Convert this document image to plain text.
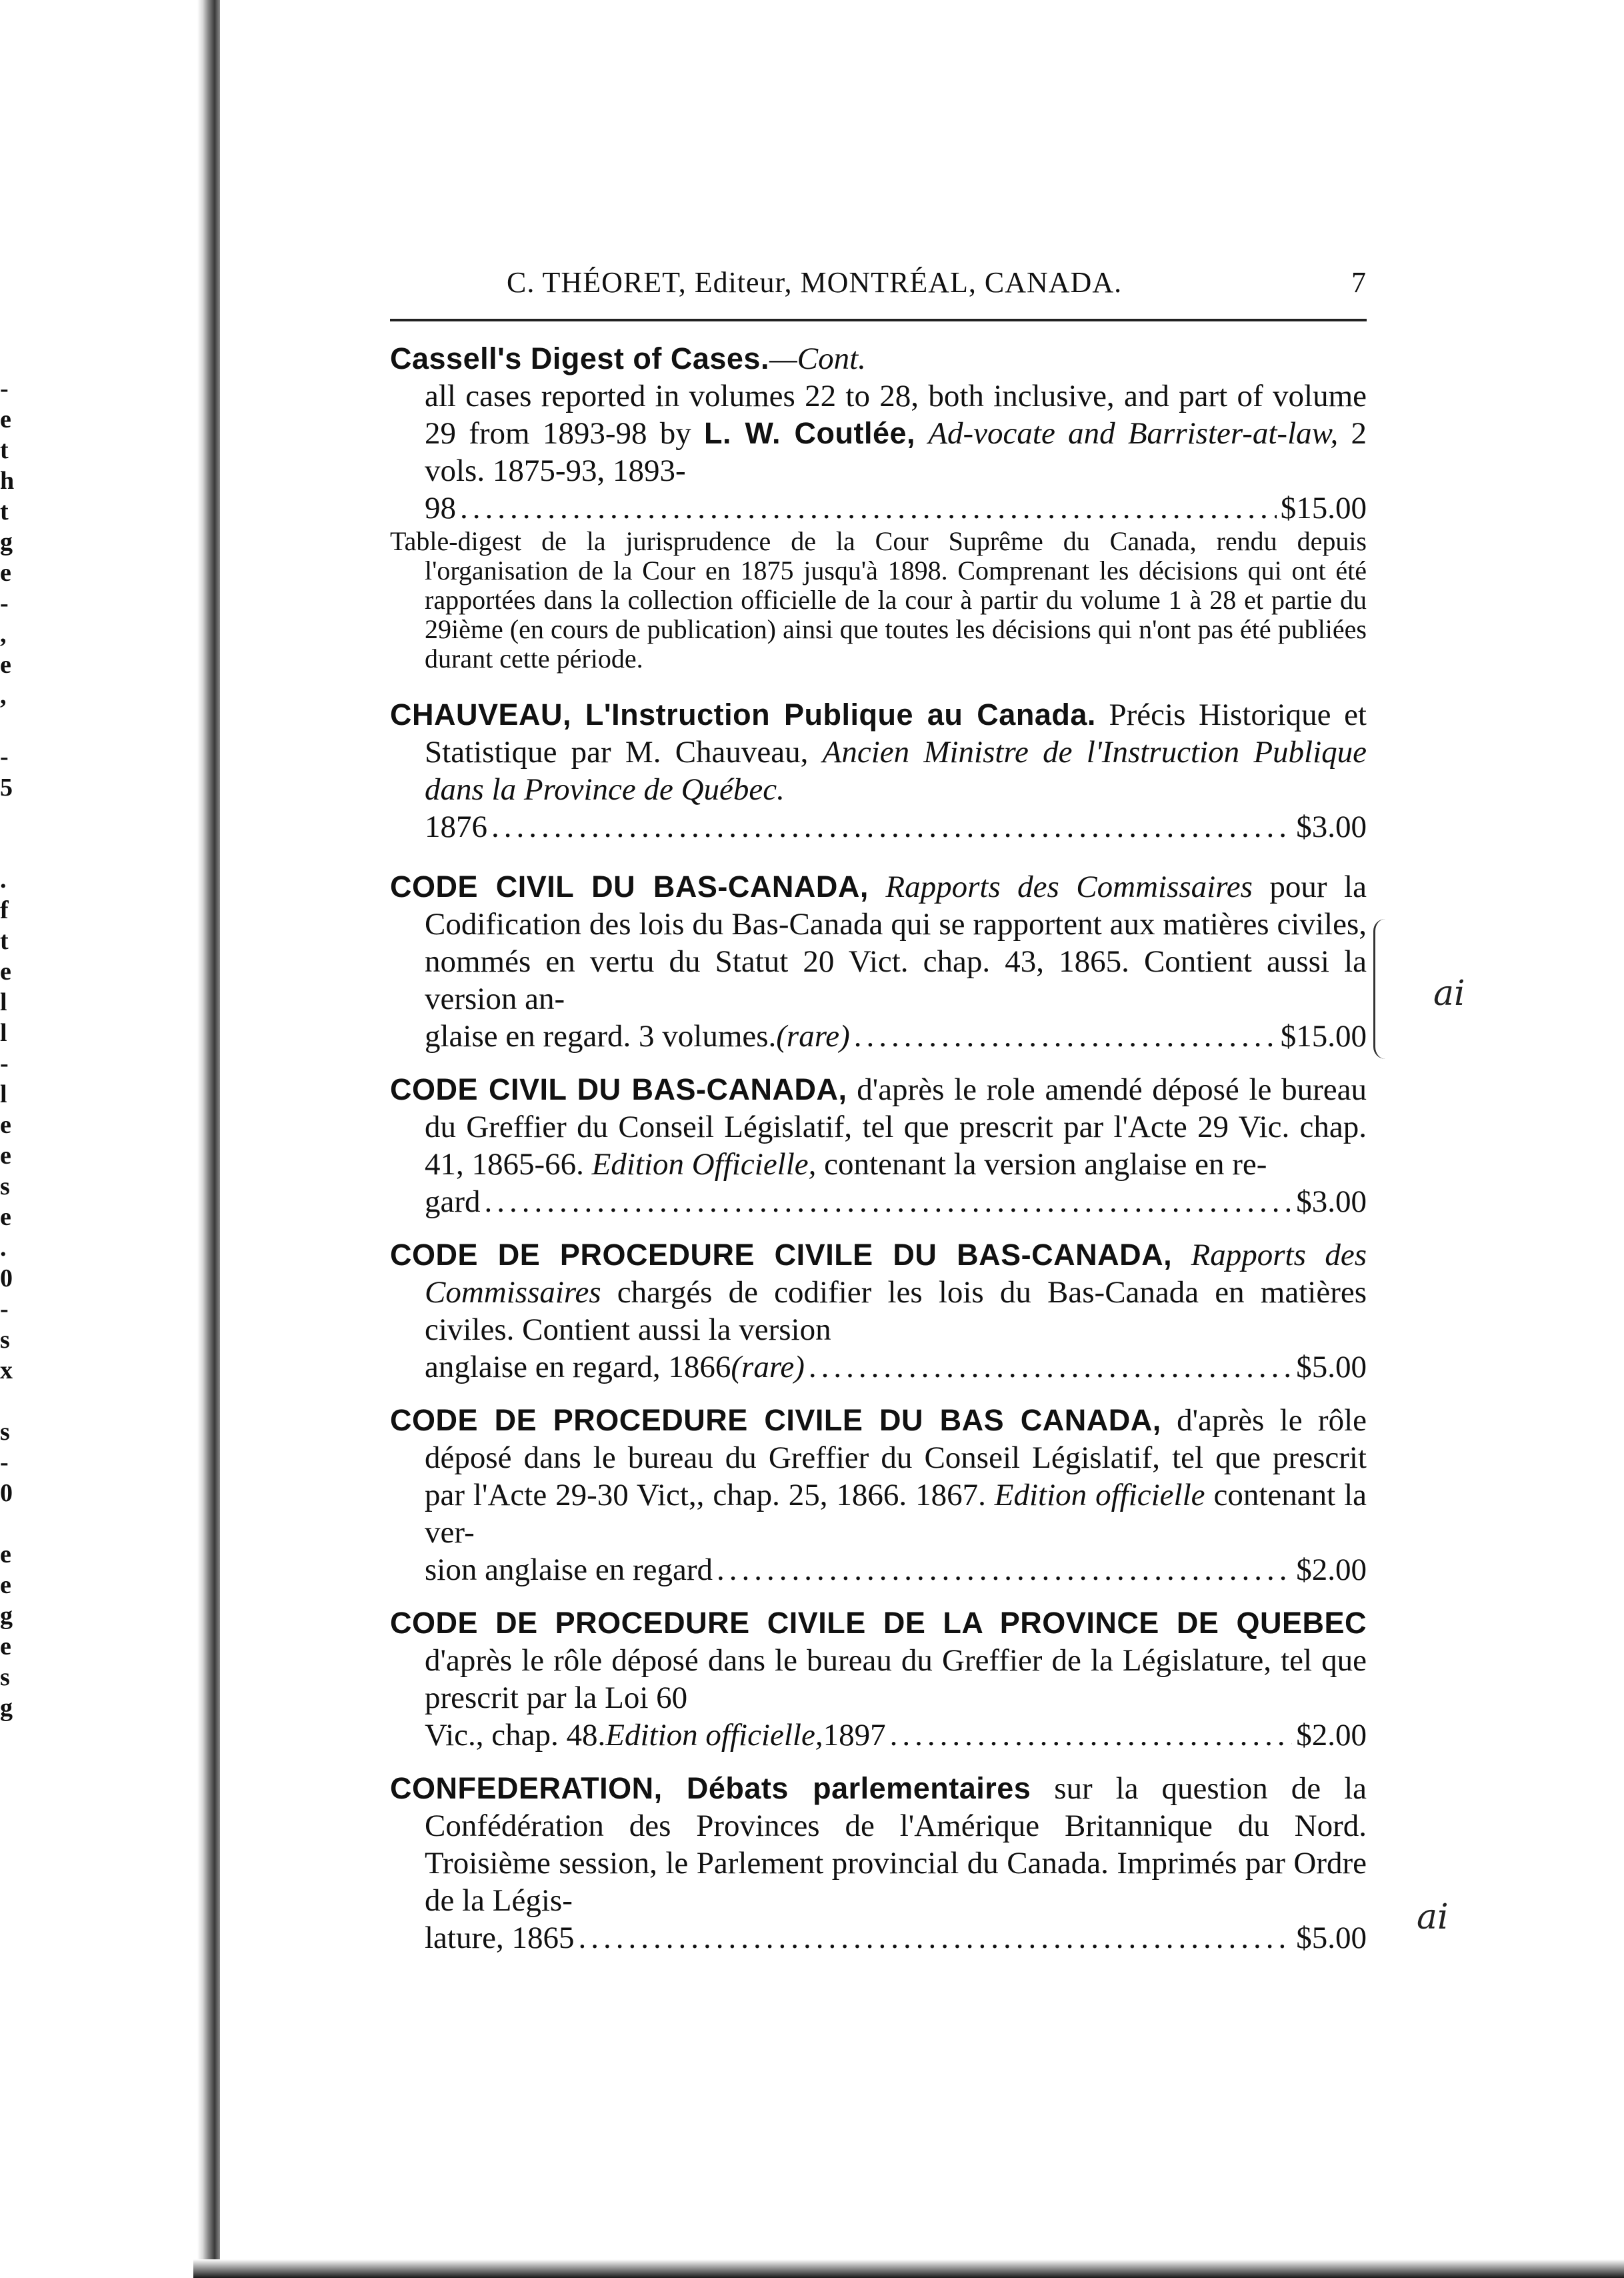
-
e
t
h
t
g
e
-
,
e
,
-
5
.
f
t
e
l
l
-
l
e
e
s
e
.
0
-
s
x
s
-
0
e
e
g
e
s
g
C. THÉORET, Editeur, MONTRÉAL, CANADA.	7

Cassell's Digest of Cases.—Cont.
all cases reported in volumes 22 to 28, both inclusive, and part of volume 29 from 1893-98 by L. W. Coutlée, Ad-vocate and Barrister-at-law, 2 vols. 1875-93, 1893-

98 .....	$15.00

Table-digest de la jurisprudence de la Cour Suprême du Canada, rendu depuis l'organisation de la Cour en 1875 jusqu'à 1898. Comprenant les décisions qui ont été rapportées dans la collection officielle de la cour à partir du volume 1 à 28 et partie du 29ième (en cours de publication) ainsi que toutes les décisions qui n'ont pas été publiées durant cette période.

CHAUVEAU, L'Instruction Publique au Canada. Précis Historique et Statistique par M. Chauveau, Ancien Ministre de l'Instruction Publique dans la Province de Québec.

1876 .....	$3.00

CODE CIVIL DU BAS-CANADA, Rapports des Commissaires pour la Codification des lois du Bas-Canada qui se rapportent aux matières civiles, nommés en vertu du Statut 20 Vict. chap. 43, 1865. Contient aussi la version an-

glaise en regard. 3 volumes. (rare) .....	$15.00

CODE CIVIL DU BAS-CANADA, d'après le role amendé déposé le bureau du Greffier du Conseil Législatif, tel que prescrit par l'Acte 29 Vic. chap. 41, 1865-66. Edition Officielle, contenant la version anglaise en re-

gard .....	$3.00

CODE DE PROCEDURE CIVILE DU BAS-CANADA, Rapports des Commissaires chargés de codifier les lois du Bas-Canada en matières civiles. Contient aussi la version

anglaise en regard, 1866 (rare) .....	$5.00

CODE DE PROCEDURE CIVILE DU BAS CANADA, d'après le rôle déposé dans le bureau du Greffier du Conseil Législatif, tel que prescrit par l'Acte 29-30 Vict,, chap. 25, 1866. 1867. Edition officielle contenant la ver-

sion anglaise en regard .....	$2.00

CODE DE PROCEDURE CIVILE DE LA PROVINCE DE QUEBEC d'après le rôle déposé dans le bureau du Greffier de la Législature, tel que prescrit par la Loi 60

Vic., chap. 48. Edition officielle, 1897 .....	$2.00

CONFEDERATION, Débats parlementaires sur la question de la Confédération des Provinces de l'Amérique Britannique du Nord. Troisième session, le Parlement provincial du Canada. Imprimés par Ordre de la Légis-

lature, 1865 .....	$5.00
ai
ai
